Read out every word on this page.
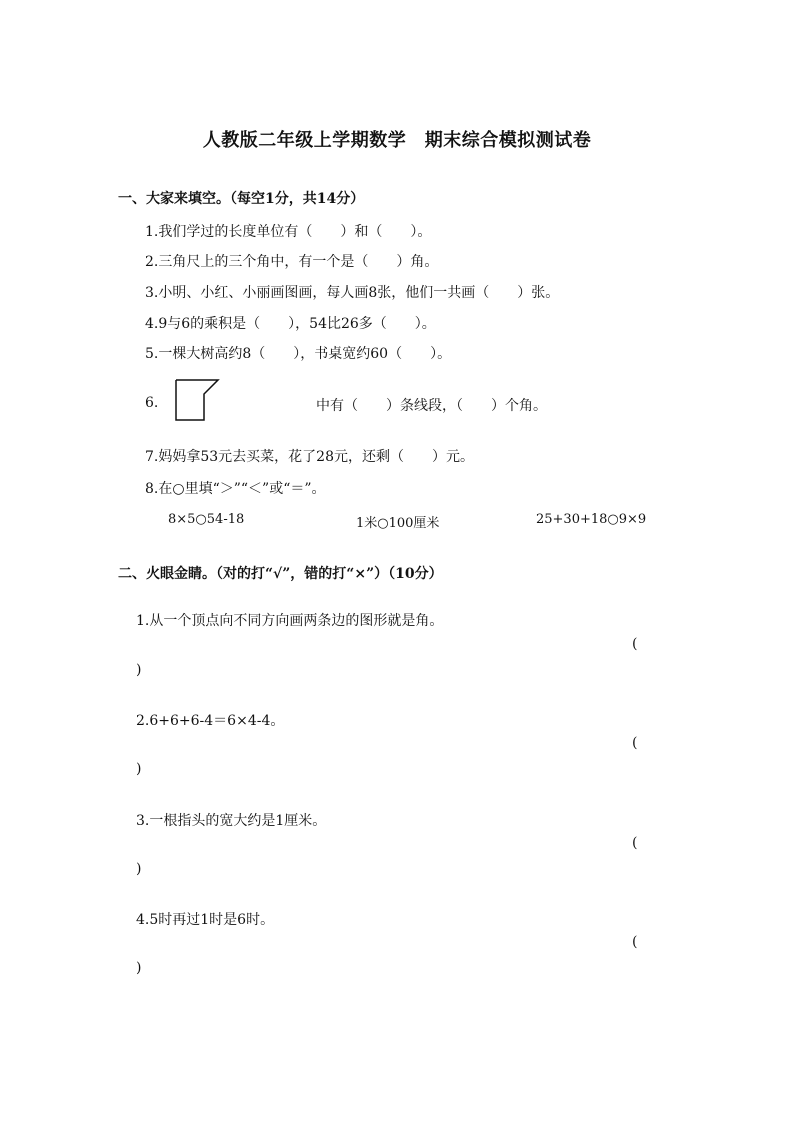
人教版二年级上学期数学　期末综合模拟测试卷
一、大家来填空。（每空1分，共14分）
1.我们学过的长度单位有（　　）和（　　）。
2.三角尺上的三个角中，有一个是（　　）角。
3.小明、小红、小丽画图画，每人画8张，他们一共画（　　）张。
4.9与6的乘积是（　　），54比26多（　　）。
5.一棵大树高约8（　　），书桌宽约60（　　）。
6.	中有（　　）条线段，（　　）个角。
7.妈妈拿53元去买菜，花了28元，还剩（　　）元。
8.在○里填“＞”“＜”或“＝”。
8×5○54-18	1米○100厘米	25+30+18○9×9
二、火眼金睛。（对的打“√”，错的打“×”）（10分）
1.从一个顶点向不同方向画两条边的图形就是角。
(
)
2.6+6+6-4＝6×4-4。
(
)
3.一根指头的宽大约是1厘米。
(
)
4.5时再过1时是6时。
(
)
